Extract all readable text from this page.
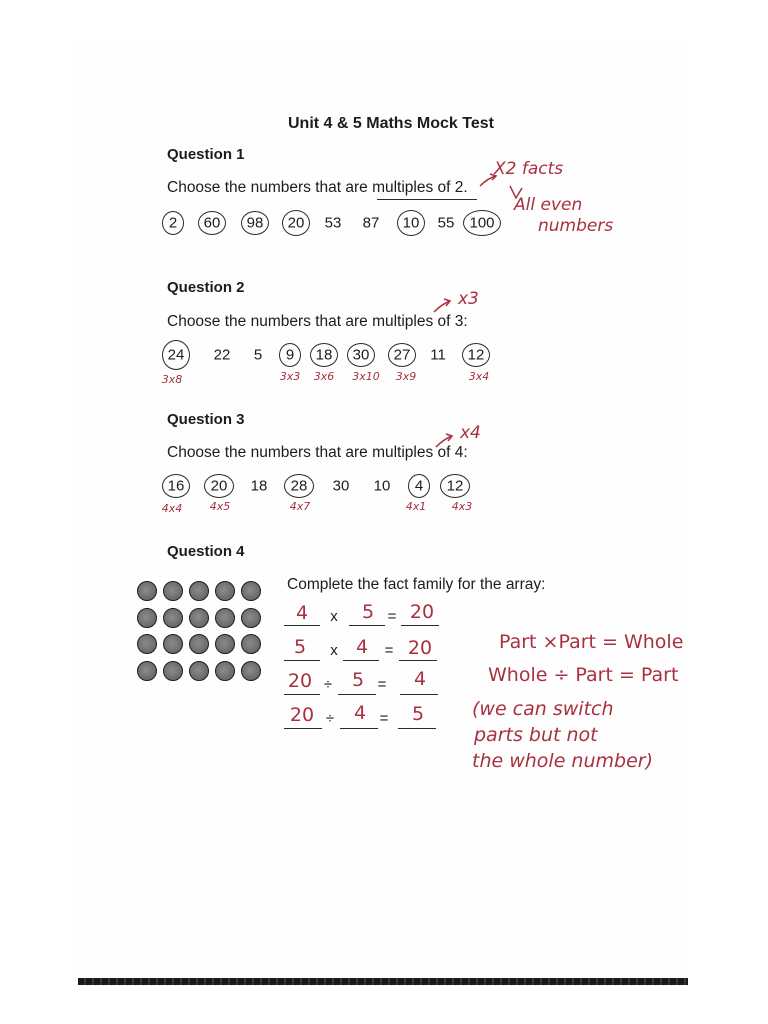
Unit 4 & 5 Maths Mock Test
Question 1
Choose the numbers that are multiples of 2.
2 60 98 20 53 87 10 55 100
X2 facts
All even
numbers
Question 2
Choose the numbers that are multiples of 3:
24 22 5 9 18 30 27 11 12
3x8	3x3 3x6 3x10 3x9	3x4
x3
Question 3
Choose the numbers that are multiples of 4:
16 20 18 28 30 10 4 12
4x4 4x5	4x7	4x1 4x3
x4
Question 4
Complete the fact family for the array:
4 x 5 = 20
5 x 4 = 20
20 ÷ 5 = 4
20 ÷ 4 = 5
Part ×Part = Whole
Whole ÷ Part = Part
(we can switch
parts but not
the whole number)
